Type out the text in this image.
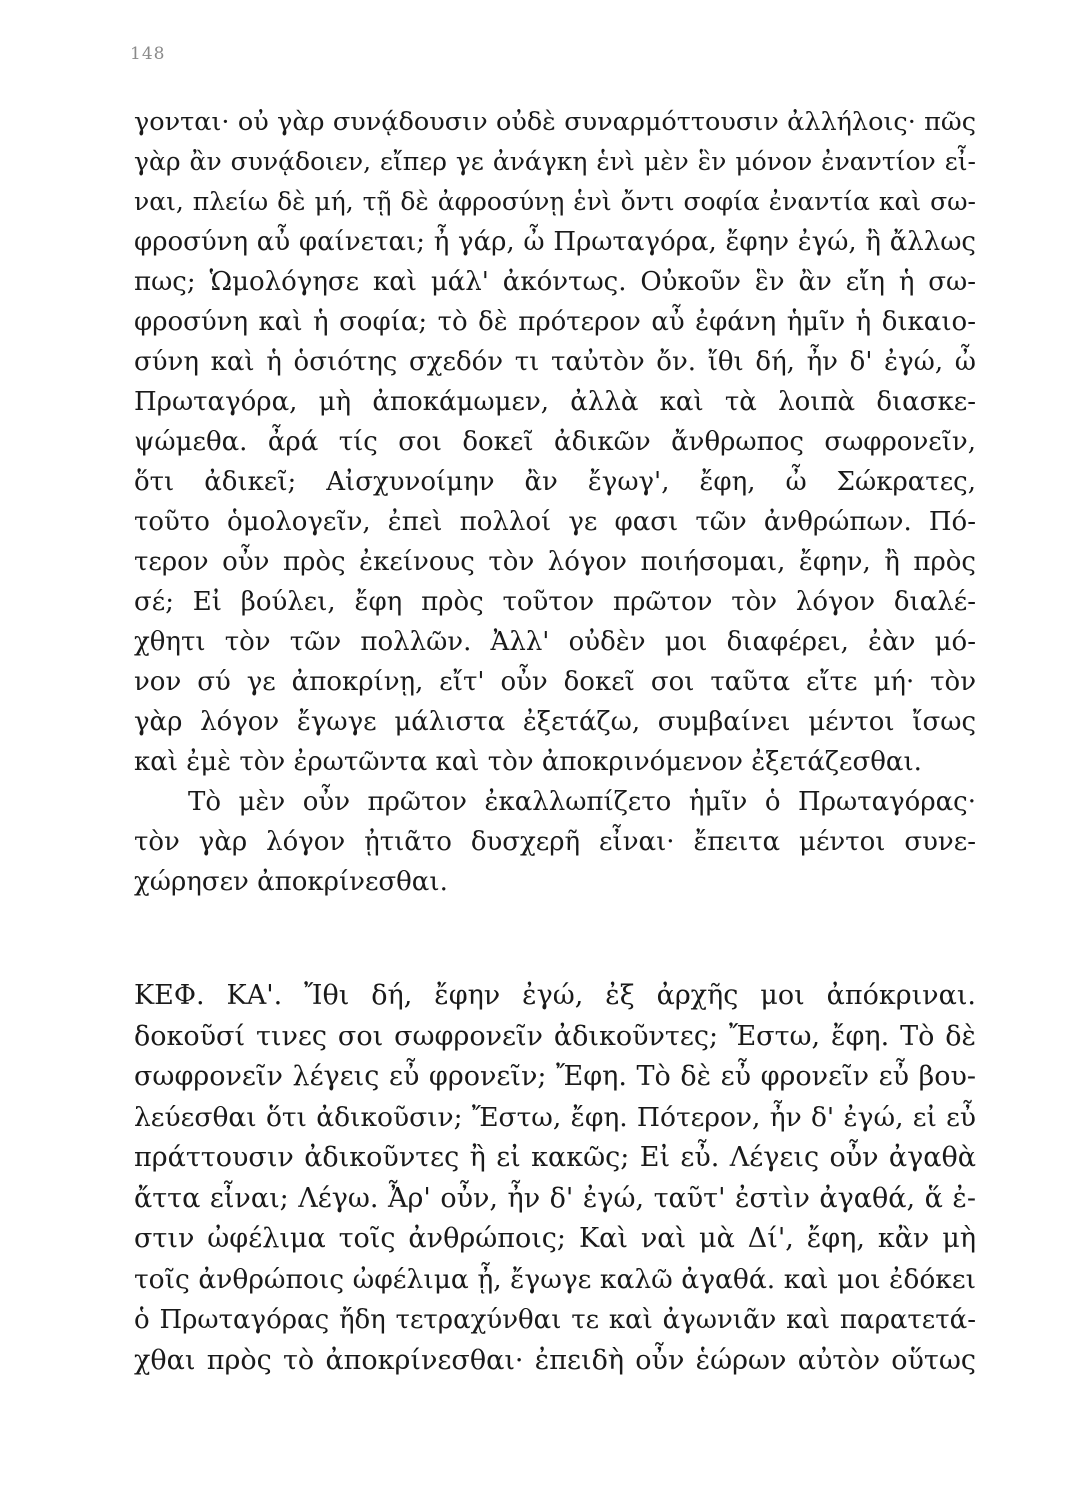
148
γονται· οὐ γὰρ συνᾴδουσιν οὐδὲ συναρμόττουσιν ἀλλήλοις· πῶς
γὰρ ἂν συνᾴδοιεν, εἴπερ γε ἀνάγκη ἑνὶ μὲν ἓν μόνον ἐναντίον εἶ-
ναι, πλείω δὲ μή, τῇ δὲ ἀφροσύνῃ ἑνὶ ὄντι σοφία ἐναντία καὶ σω-
φροσύνη αὖ φαίνεται; ἦ γάρ, ὦ Πρωταγόρα, ἔφην ἐγώ, ἢ ἄλλως
πως; Ὡμολόγησε καὶ μάλ' ἀκόντως. Οὐκοῦν ἓν ἂν εἴη ἡ σω-
φροσύνη καὶ ἡ σοφία; τὸ δὲ πρότερον αὖ ἐφάνη ἡμῖν ἡ δικαιο-
σύνη καὶ ἡ ὁσιότης σχεδόν τι ταὐτὸν ὄν. ἴθι δή, ἦν δ' ἐγώ, ὦ
Πρωταγόρα, μὴ ἀποκάμωμεν, ἀλλὰ καὶ τὰ λοιπὰ διασκε-
ψώμεθα. ἆρά τίς σοι δοκεῖ ἀδικῶν ἄνθρωπος σωφρονεῖν,
ὅτι ἀδικεῖ; Αἰσχυνοίμην ἂν ἔγωγ', ἔφη, ὦ Σώκρατες,
τοῦτο ὁμολογεῖν, ἐπεὶ πολλοί γε φασι τῶν ἀνθρώπων. Πό-
τερον οὖν πρὸς ἐκείνους τὸν λόγον ποιήσομαι, ἔφην, ἢ πρὸς
σέ; Εἰ βούλει, ἔφη πρὸς τοῦτον πρῶτον τὸν λόγον διαλέ-
χθητι τὸν τῶν πολλῶν. Ἀλλ' οὐδὲν μοι διαφέρει, ἐὰν μό-
νον σύ γε ἀποκρίνῃ, εἴτ' οὖν δοκεῖ σοι ταῦτα εἴτε μή· τὸν
γὰρ λόγον ἔγωγε μάλιστα ἐξετάζω, συμβαίνει μέντοι ἴσως
καὶ ἐμὲ τὸν ἐρωτῶντα καὶ τὸν ἀποκρινόμενον ἐξετάζεσθαι.
Τὸ μὲν οὖν πρῶτον ἐκαλλωπίζετο ἡμῖν ὁ Πρωταγόρας·
τὸν γὰρ λόγον ᾐτιᾶτο δυσχερῆ εἶναι· ἔπειτα μέντοι συνε-
χώρησεν ἀποκρίνεσθαι.
ΚΕΦ. ΚΑ'. Ἴθι δή, ἔφην ἐγώ, ἐξ ἀρχῆς μοι ἀπόκριναι.
δοκοῦσί τινες σοι σωφρονεῖν ἀδικοῦντες; Ἔστω, ἔφη. Τὸ δὲ
σωφρονεῖν λέγεις εὖ φρονεῖν; Ἔφη. Τὸ δὲ εὖ φρονεῖν εὖ βου-
λεύεσθαι ὅτι ἀδικοῦσιν; Ἔστω, ἔφη. Πότερον, ἦν δ' ἐγώ, εἰ εὖ
πράττουσιν ἀδικοῦντες ἢ εἰ κακῶς; Εἰ εὖ. Λέγεις οὖν ἀγαθὰ
ἄττα εἶναι; Λέγω. Ἆρ' οὖν, ἦν δ' ἐγώ, ταῦτ' ἐστὶν ἀγαθά, ἅ ἐ-
στιν ὠφέλιμα τοῖς ἀνθρώποις; Καὶ ναὶ μὰ Δί', ἔφη, κἂν μὴ
τοῖς ἀνθρώποις ὠφέλιμα ᾖ, ἔγωγε καλῶ ἀγαθά. καὶ μοι ἐδόκει
ὁ Πρωταγόρας ἤδη τετραχύνθαι τε καὶ ἀγωνιᾶν καὶ παρατετά-
χθαι πρὸς τὸ ἀποκρίνεσθαι· ἐπειδὴ οὖν ἑώρων αὐτὸν οὕτως
